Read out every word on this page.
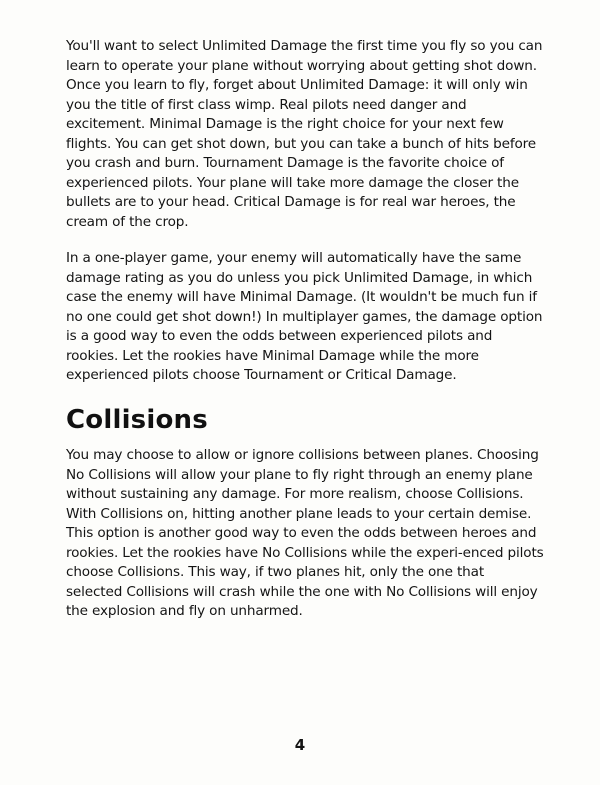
You'll want to select Unlimited Damage the first time you fly so you can learn to operate your plane without worrying about getting shot down. Once you learn to fly, forget about Unlimited Damage: it will only win you the title of first class wimp. Real pilots need danger and excitement. Minimal Damage is the right choice for your next few flights. You can get shot down, but you can take a bunch of hits before you crash and burn. Tournament Damage is the favorite choice of experienced pilots. Your plane will take more damage the closer the bullets are to your head. Critical Damage is for real war heroes, the cream of the crop.

In a one-player game, your enemy will automatically have the same damage rating as you do unless you pick Unlimited Damage, in which case the enemy will have Minimal Damage. (It wouldn't be much fun if no one could get shot down!) In multiplayer games, the damage option is a good way to even the odds between experienced pilots and rookies. Let the rookies have Minimal Damage while the more experienced pilots choose Tournament or Critical Damage.

Collisions

You may choose to allow or ignore collisions between planes. Choosing No Collisions will allow your plane to fly right through an enemy plane without sustaining any damage. For more realism, choose Collisions. With Collisions on, hitting another plane leads to your certain demise. This option is another good way to even the odds between heroes and rookies. Let the rookies have No Collisions while the experi-enced pilots choose Collisions. This way, if two planes hit, only the one that selected Collisions will crash while the one with No Collisions will enjoy the explosion and fly on unharmed.

4
